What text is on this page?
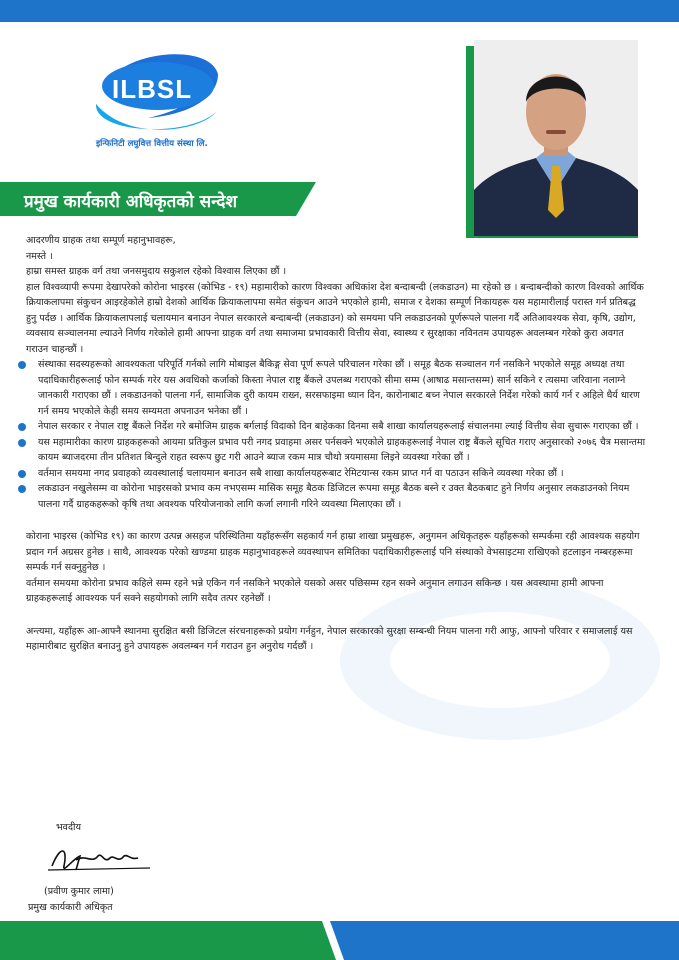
ILBSL
इन्फिनिटी लघुवित्त वित्तीय संस्था लि.
प्रमुख कार्यकारी अधिकृतको सन्देश

आदरणीय ग्राहक तथा सम्पूर्ण महानुभावहरू,

नमस्ते ।

हाम्रा समस्त ग्राहक वर्ग तथा जनसमुदाय सकुशल रहेको विश्वास लिएका छौं ।

हाल विश्वव्यापी रूपमा देखापरेको कोरोना भाइरस (कोभिड - १९) महामारीको कारण विश्वका अधिकांश देश बन्दाबन्दी (लकडाउन) मा रहेको छ । बन्दाबन्दीको कारण विश्वको आर्थिक क्रियाकलापमा संकुचन आइरहेकोले हाम्रो देशको आर्थिक क्रियाकलापमा समेत संकुचन आउने भएकोले हामी, समाज र देशका सम्पूर्ण निकायहरू यस महामारीलाई परास्त गर्न प्रतिबद्ध हुनु पर्दछ । आर्थिक क्रियाकलापलाई चलायमान बनाउन नेपाल सरकारले बन्दाबन्दी (लकडाउन) को समयमा पनि लकडाउनको पूर्णरूपले पालना गर्दै अतिआवश्यक सेवा, कृषि, उद्योग, व्यवसाय सञ्चालनमा ल्याउने निर्णय गरेकोले हामी आफ्ना ग्राहक वर्ग तथा समाजमा प्रभावकारी वित्तीय सेवा, स्वास्थ्य र सुरक्षाका नविनतम उपायहरू अवलम्बन गरेको कुरा अवगत गराउन चाहन्छौं ।

संस्थाका सदस्यहरूको आवश्यकता परिपूर्ति गर्नको लागि मोबाइल बैकिङ्ग सेवा पूर्ण रूपले परिचालन गरेका छौं । समूह बैठक सञ्चालन गर्न नसकिने भएकोले समूह अध्यक्ष तथा पदाधिकारीहरूलाई फोन सम्पर्क गरेर यस अवधिको कर्जाको किस्ता नेपाल राष्ट्र बैंकले उपलब्ध गराएको सीमा सम्म (आषाढ मसान्तसम्म) सार्न सकिने र त्यसमा जरिवाना नलाग्ने जानकारी गराएका छौं । लकडाउनको पालना गर्न, सामाजिक दुरी कायम राख्न, सरसफाइमा ध्यान दिन, कारोनाबाट बच्न नेपाल सरकारले निर्देश गरेको कार्य गर्न र अहिले धैर्य धारण गर्न समय भएकोले केही समय सम्यमता अपनाउन भनेका छौं ।
नेपाल सरकार र नेपाल राष्ट्र बैंकले निर्देश गरे बमोजिम ग्राहक बर्गलाई विदाको दिन बाहेकका दिनमा सबै शाखा कार्यालयहरूलाई संचालनमा ल्याई वित्तीय सेवा सुचारू गराएका छौं ।
यस महामारीका कारण ग्राहकहरूको आयमा प्रतिकुल प्रभाव परी नगद प्रवाहमा असर पर्नसक्ने भएकोले ग्राहकहरूलाई नेपाल राष्ट्र बैंकले सूचित गराए अनुसारको २०७६ चैत्र मसान्तमा कायम ब्याजदरमा तीन प्रतिशत बिन्दुले राहत स्वरूप छुट गरी आउने ब्याज रकम मात्र चौथो त्रयमासमा लिइने व्यवस्था गरेका छौं ।
वर्तमान समयमा नगद प्रवाहको व्यवस्थालाई चलायमान बनाउन सबै शाखा कार्यालयहरूबाट रेमिटयान्स रकम प्राप्त गर्न वा पठाउन सकिने व्यवस्था गरेका छौं ।
लकडाउन नखुलेसम्म वा कोरोना भाइरसको प्रभाव कम नभएसम्म मासिक समूह बैठक डिजिटल रूपमा समूह बैठक बस्ने र उक्त बैठकबाट हुने निर्णय अनुसार लकडाउनको नियम पालना गर्दै ग्राहकहरूको कृषि तथा अवश्यक परियोजनाको लागि कर्जा लगानी गरिने व्यवस्था मिलाएका छौं ।

कोराना भाइरस (कोभिड १९) का कारण उत्पन्न असहज परिस्थितिमा यहाँहरूसँग सहकार्य गर्न हाम्रा शाखा प्रमुखहरू, अनुगमन अधिकृतहरू यहाँहरूको सम्पर्कमा रही आवश्यक सहयोग प्रदान गर्न अग्रसर हुनेछ । साथै, आवश्यक परेको खण्डमा ग्राहक महानुभावहरूले व्यवस्थापन समितिका पदाधिकारीहरूलाई पनि संस्थाको वेभसाइटमा राखिएको हटलाइन नम्बरहरूमा सम्पर्क गर्न सक्नुहुनेछ ।

वर्तमान समयमा कोरोना प्रभाव कहिले सम्म रहने भन्ने एकिन गर्न नसकिने भएकोले यसको असर पछिसम्म रहन सक्ने अनुमान लगाउन सकिन्छ । यस अवस्थामा हामी आफ्ना ग्राहकहरूलाई आवश्यक पर्न सक्ने सहयोगको लागि सदैव तत्पर रहनेछौं ।

अन्त्यमा, यहाँहरू आ-आफ्नै स्थानमा सुरक्षित बसी डिजिटल संरचनाहरूको प्रयोग गर्नहुन, नेपाल सरकारको सुरक्षा सम्बन्धी नियम पालना गरी आफु, आफ्नो परिवार र समाजलाई यस महामारीबाट सुरक्षित बनाउनु हुने उपायहरू अवलम्बन गर्न गराउन हुन अनुरोध गर्दछौं ।

भवदीय
(प्रवीण कुमार लामा)
प्रमुख कार्यकारी अधिकृत
